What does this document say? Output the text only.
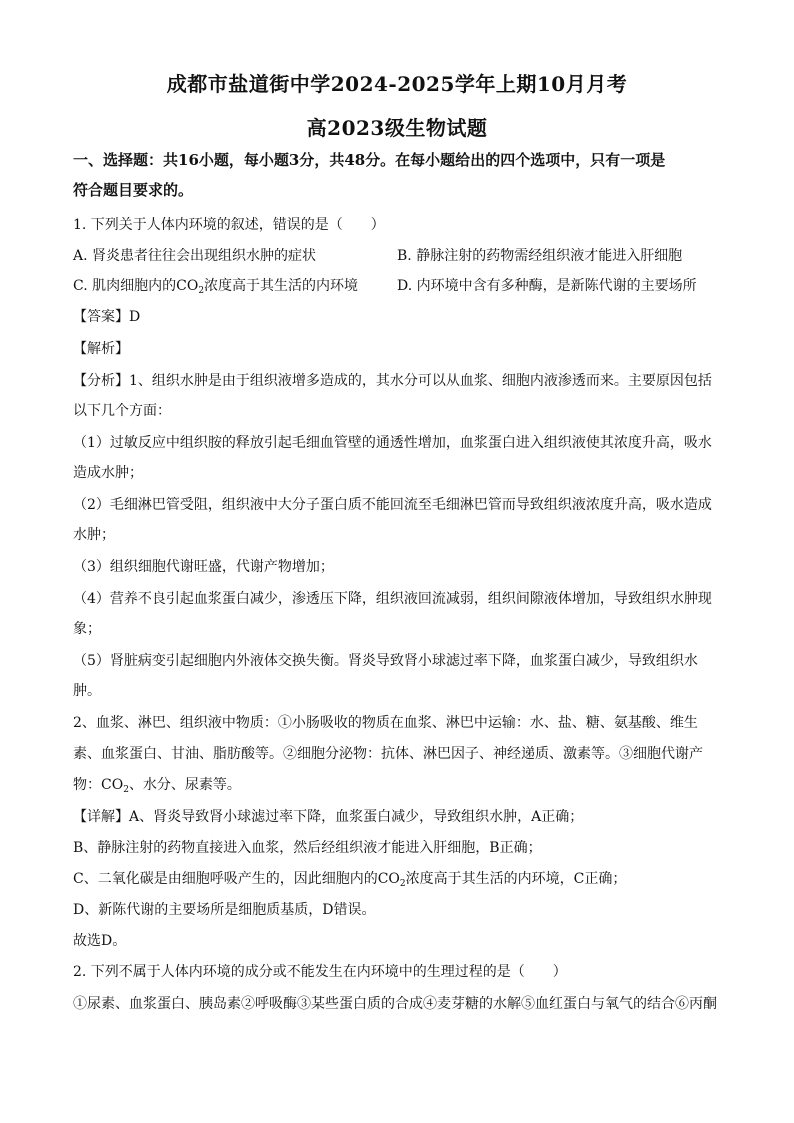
成都市盐道街中学2024-2025学年上期10月月考
高2023级生物试题
一、选择题：共16小题，每小题3分，共48分。在每小题给出的四个选项中，只有一项是
符合题目要求的。
1. 下列关于人体内环境的叙述，错误的是（　　）
A. 肾炎患者往往会出现组织水肿的症状	B. 静脉注射的药物需经组织液才能进入肝细胞
C. 肌肉细胞内的$CO_2$浓度高于其生活的内环境	D. 内环境中含有多种酶，是新陈代谢的主要场所
【答案】D
【解析】
【分析】1、组织水肿是由于组织液增多造成的，其水分可以从血浆、细胞内液渗透而来。主要原因包括
以下几个方面：
（1）过敏反应中组织胺的释放引起毛细血管壁的通透性增加，血浆蛋白进入组织液使其浓度升高，吸水
造成水肿；
（2）毛细淋巴管受阻，组织液中大分子蛋白质不能回流至毛细淋巴管而导致组织液浓度升高，吸水造成
水肿；
（3）组织细胞代谢旺盛，代谢产物增加；
（4）营养不良引起血浆蛋白减少，渗透压下降，组织液回流减弱，组织间隙液体增加，导致组织水肿现
象；
（5）肾脏病变引起细胞内外液体交换失衡。肾炎导致肾小球滤过率下降，血浆蛋白减少，导致组织水
肿。
2、血浆、淋巴、组织液中物质：①小肠吸收的物质在血浆、淋巴中运输：水、盐、糖、氨基酸、维生
素、血浆蛋白、甘油、脂肪酸等。②细胞分泌物：抗体、淋巴因子、神经递质、激素等。③细胞代谢产
物：$CO_2$、水分、尿素等。
【详解】A、肾炎导致肾小球滤过率下降，血浆蛋白减少，导致组织水肿，A正确；
B、静脉注射的药物直接进入血浆，然后经组织液才能进入肝细胞，B正确；
C、二氧化碳是由细胞呼吸产生的，因此细胞内的$CO_2$浓度高于其生活的内环境，C正确；
D、新陈代谢的主要场所是细胞质基质，D错误。
故选D。
2. 下列不属于人体内环境的成分或不能发生在内环境中的生理过程的是（　　）
①尿素、血浆蛋白、胰岛素②呼吸酶③某些蛋白质的合成④麦芽糖的水解⑤血红蛋白与氧气的结合⑥丙酮
